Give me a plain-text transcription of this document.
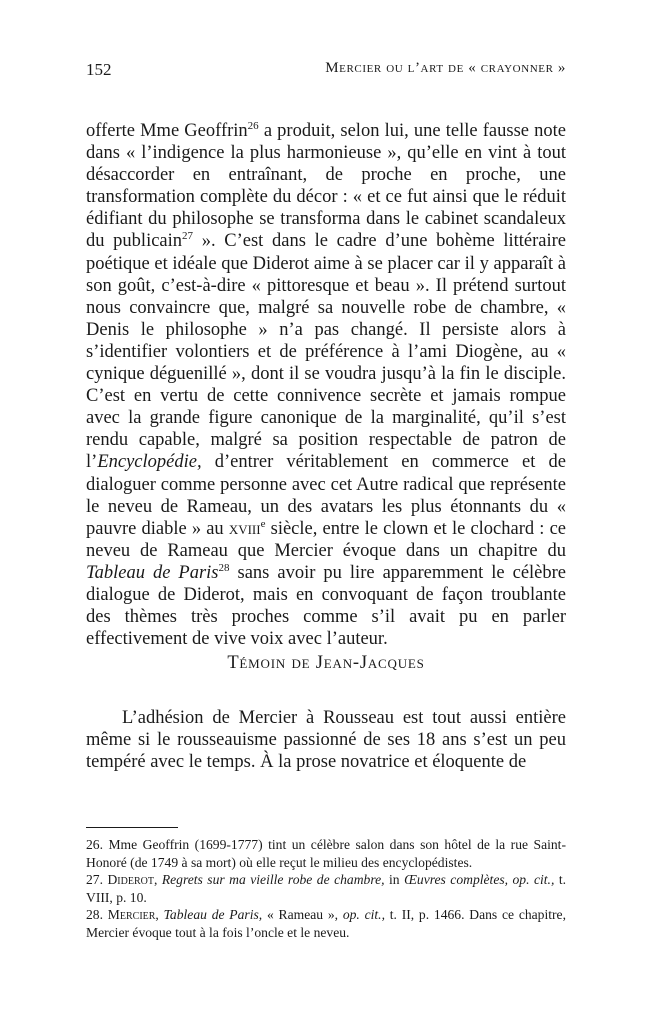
152	Mercier ou l’art de « crayonner »

offerte Mme Geoffrin$^{26}$ a produit, selon lui, une telle fausse note dans « l’indigence la plus harmonieuse », qu’elle en vint à tout désaccorder en entraînant, de proche en proche, une transformation complète du décor : « et ce fut ainsi que le réduit édifiant du philosophe se transforma dans le cabinet scandaleux du publicain$^{27}$ ». C’est dans le cadre d’une bohème littéraire poétique et idéale que Diderot aime à se placer car il y apparaît à son goût, c’est-à-dire « pittoresque et beau ». Il prétend surtout nous convaincre que, malgré sa nouvelle robe de chambre, « Denis le philosophe » n’a pas changé. Il persiste alors à s’identifier volontiers et de préférence à l’ami Diogène, au « cynique déguenillé », dont il se voudra jusqu’à la fin le disciple. C’est en vertu de cette connivence secrète et jamais rompue avec la grande figure canonique de la marginalité, qu’il s’est rendu capable, malgré sa position respectable de patron de l’Encyclopédie, d’entrer véritablement en commerce et de dialoguer comme personne avec cet Autre radical que représente le neveu de Rameau, un des avatars les plus étonnants du « pauvre diable » au xviii$^e$ siècle, entre le clown et le clochard : ce neveu de Rameau que Mercier évoque dans un chapitre du Tableau de Paris$^{28}$ sans avoir pu lire apparemment le célèbre dialogue de Diderot, mais en convoquant de façon troublante des thèmes très proches comme s’il avait pu en parler effectivement de vive voix avec l’auteur.

Témoin de Jean-Jacques

L’adhésion de Mercier à Rousseau est tout aussi entière même si le rousseauisme passionné de ses 18 ans s’est un peu tempéré avec le temps. À la prose novatrice et éloquente de

26. Mme Geoffrin (1699-1777) tint un célèbre salon dans son hôtel de la rue Saint-Honoré (de 1749 à sa mort) où elle reçut le milieu des encyclopédistes.

27. Diderot, Regrets sur ma vieille robe de chambre, in Œuvres complètes, op. cit., t. VIII, p. 10.

28. Mercier, Tableau de Paris, « Rameau », op. cit., t. II, p. 1466. Dans ce chapitre, Mercier évoque tout à la fois l’oncle et le neveu.
